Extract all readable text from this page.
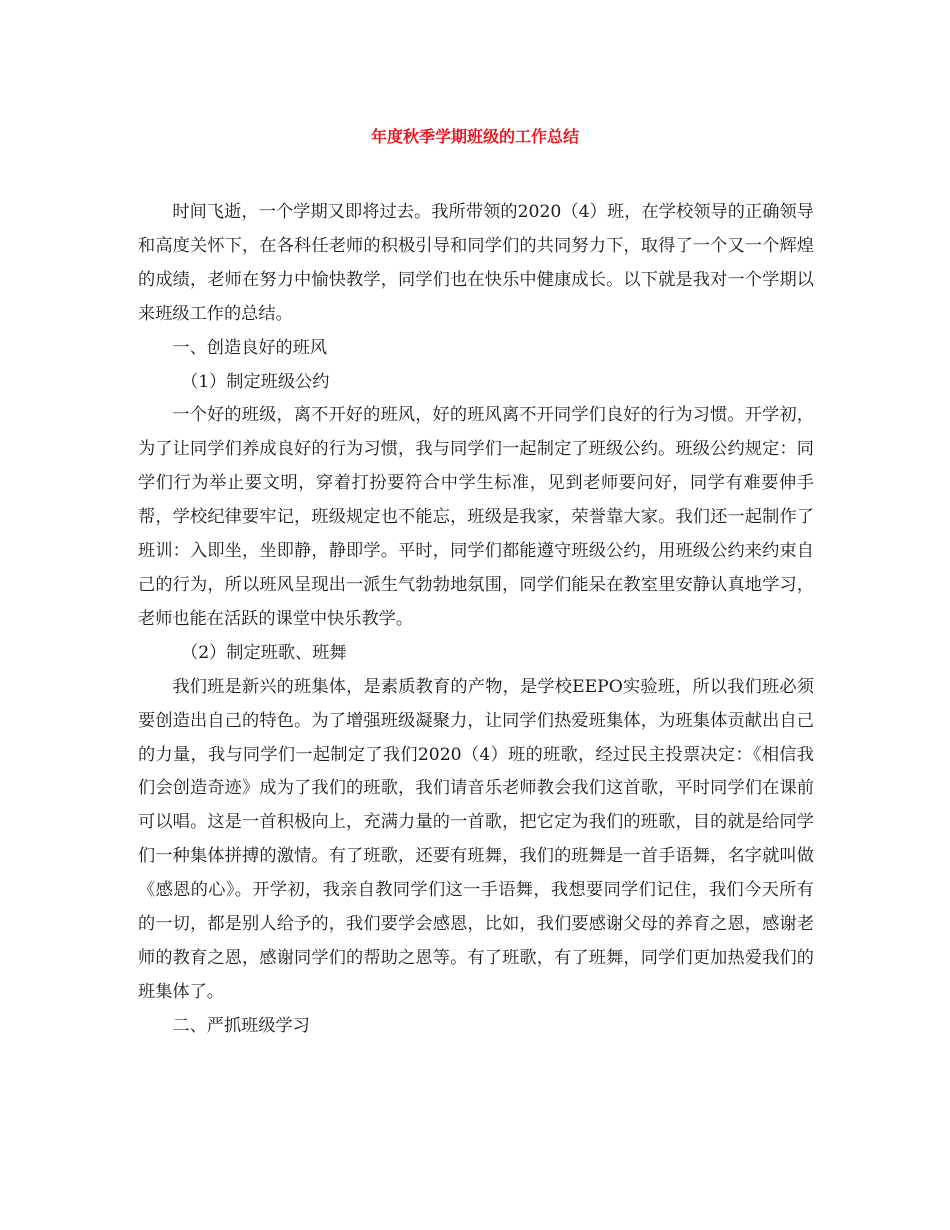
年度秋季学期班级的工作总结

时间飞逝，一个学期又即将过去。我所带领的2020（4）班，在学校领导的正确领导和高度关怀下，在各科任老师的积极引导和同学们的共同努力下，取得了一个又一个辉煌的成绩，老师在努力中愉快教学，同学们也在快乐中健康成长。以下就是我对一个学期以来班级工作的总结。

一、创造良好的班风

（1）制定班级公约

一个好的班级，离不开好的班风，好的班风离不开同学们良好的行为习惯。开学初，为了让同学们养成良好的行为习惯，我与同学们一起制定了班级公约。班级公约规定：同学们行为举止要文明，穿着打扮要符合中学生标准，见到老师要问好，同学有难要伸手帮，学校纪律要牢记，班级规定也不能忘，班级是我家，荣誉靠大家。我们还一起制作了班训：入即坐，坐即静，静即学。平时，同学们都能遵守班级公约，用班级公约来约束自己的行为，所以班风呈现出一派生气勃勃地氛围，同学们能呆在教室里安静认真地学习，老师也能在活跃的课堂中快乐教学。

（2）制定班歌、班舞

我们班是新兴的班集体，是素质教育的产物，是学校EEPO实验班，所以我们班必须要创造出自己的特色。为了增强班级凝聚力，让同学们热爱班集体，为班集体贡献出自己的力量，我与同学们一起制定了我们2020（4）班的班歌，经过民主投票决定：《相信我们会创造奇迹》成为了我们的班歌，我们请音乐老师教会我们这首歌，平时同学们在课前可以唱。这是一首积极向上，充满力量的一首歌，把它定为我们的班歌，目的就是给同学们一种集体拼搏的激情。有了班歌，还要有班舞，我们的班舞是一首手语舞，名字就叫做《感恩的心》。开学初，我亲自教同学们这一手语舞，我想要同学们记住，我们今天所有的一切，都是别人给予的，我们要学会感恩，比如，我们要感谢父母的养育之恩，感谢老师的教育之恩，感谢同学们的帮助之恩等。有了班歌，有了班舞，同学们更加热爱我们的班集体了。

二、严抓班级学习
